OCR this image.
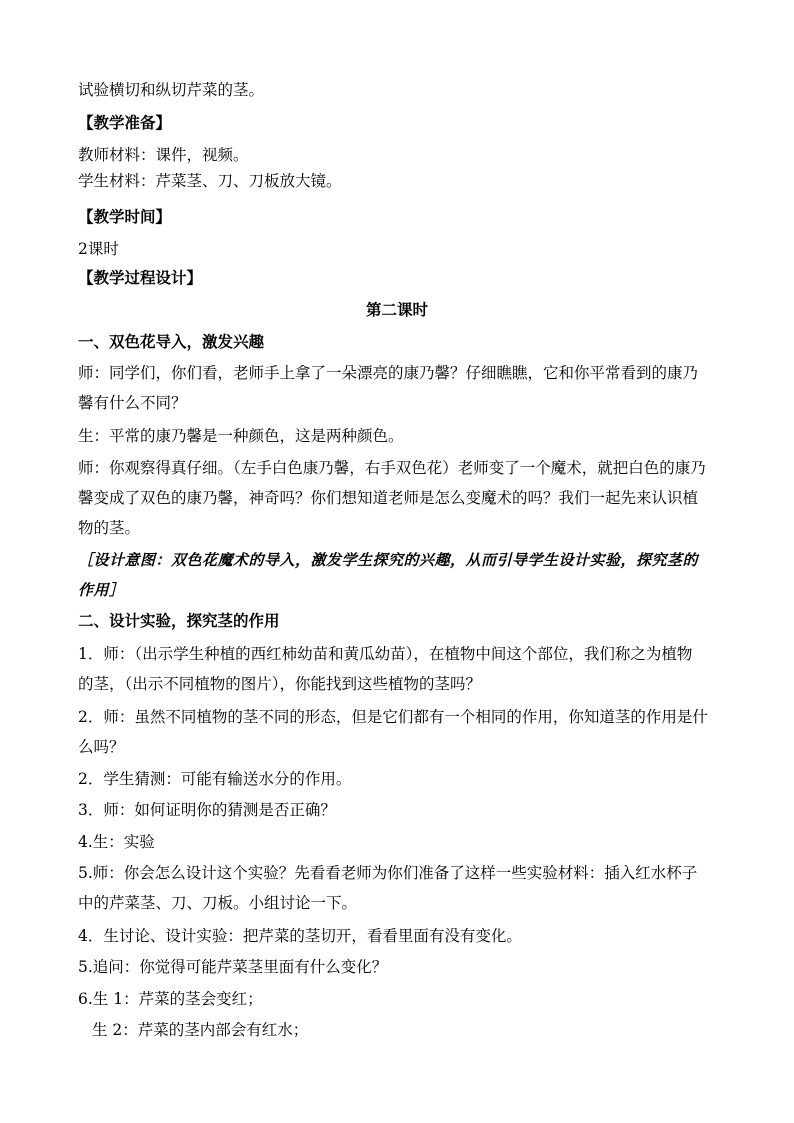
试验横切和纵切芹菜的茎。
【教学准备】
教师材料：课件，视频。
学生材料：芹菜茎、刀、刀板放大镜。
【教学时间】
2课时
【教学过程设计】
第二课时
一、双色花导入，激发兴趣
师：同学们，你们看，老师手上拿了一朵漂亮的康乃馨？仔细瞧瞧，它和你平常看到的康乃
馨有什么不同？
生：平常的康乃馨是一种颜色，这是两种颜色。
师：你观察得真仔细。（左手白色康乃馨，右手双色花）老师变了一个魔术，就把白色的康乃
馨变成了双色的康乃馨，神奇吗？你们想知道老师是怎么变魔术的吗？我们一起先来认识植
物的茎。
［设计意图：双色花魔术的导入，激发学生探究的兴趣，从而引导学生设计实验，探究茎的
作用］
二、设计实验，探究茎的作用
1．师：（出示学生种植的西红柿幼苗和黄瓜幼苗），在植物中间这个部位，我们称之为植物
的茎，（出示不同植物的图片），你能找到这些植物的茎吗？
2．师：虽然不同植物的茎不同的形态，但是它们都有一个相同的作用，你知道茎的作用是什
么吗？
2．学生猜测：可能有输送水分的作用。
3．师：如何证明你的猜测是否正确？
4.生：实验
5.师：你会怎么设计这个实验？先看看老师为你们准备了这样一些实验材料：插入红水杯子
中的芹菜茎、刀、刀板。小组讨论一下。
4．生讨论、设计实验：把芹菜的茎切开，看看里面有没有变化。
5.追问：你觉得可能芹菜茎里面有什么变化？
6.生 1：芹菜的茎会变红；
生 2：芹菜的茎内部会有红水；
